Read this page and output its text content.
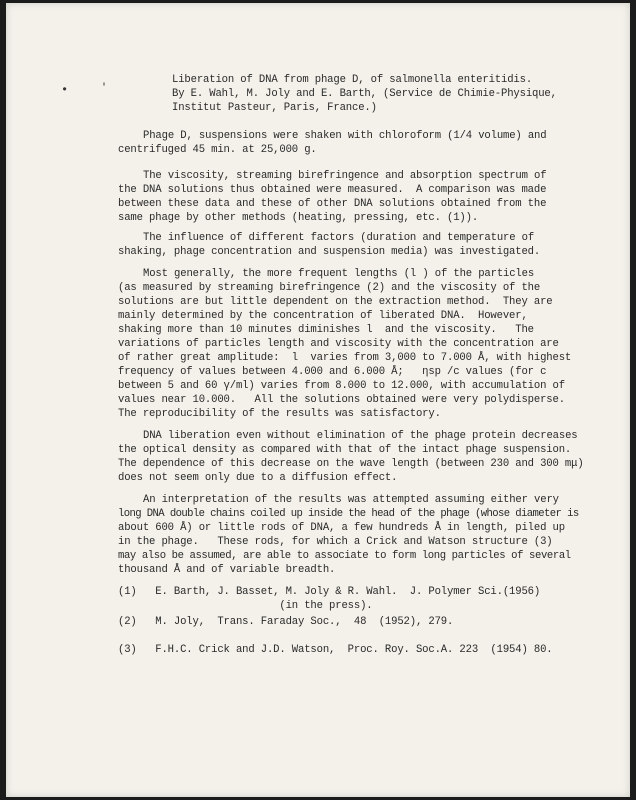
•	'
Liberation of DNA from phage D, of salmonella enteritidis.
By E. Wahl, M. Joly and E. Barth, (Service de Chimie-Physique,
Institut Pasteur, Paris, France.)
Phage D, suspensions were shaken with chloroform (1/4 volume) and
centrifuged 45 min. at 25,000 g.
The viscosity, streaming birefringence and absorption spectrum of
the DNA solutions thus obtained were measured.  A comparison was made
between these data and these of other DNA solutions obtained from the
same phage by other methods (heating, pressing, etc. (1)).
The influence of different factors (duration and temperature of
shaking, phage concentration and suspension media) was investigated.
Most generally, the more frequent lengths (l ) of the particles
(as measured by streaming birefringence (2) and the viscosity of the
solutions are but little dependent on the extraction method.  They are
mainly determined by the concentration of liberated DNA.  However,
shaking more than 10 minutes diminishes l  and the viscosity.   The
variations of particles length and viscosity with the concentration are
of rather great amplitude:  l  varies from 3,000 to 7.000 Å, with highest
frequency of values between 4.000 and 6.000 Å;   ηsp /c values (for c
between 5 and 60 γ/ml) varies from 8.000 to 12.000, with accumulation of
values near 10.000.   All the solutions obtained were very polydisperse.
The reproducibility of the results was satisfactory.
DNA liberation even without elimination of the phage protein decreases
the optical density as compared with that of the intact phage suspension.
The dependence of this decrease on the wave length (between 230 and 300 mμ)
does not seem only due to a diffusion effect.
An interpretation of the results was attempted assuming either very
long DNA double chains coiled up inside the head of the phage (whose diameter is
about 600 Å) or little rods of DNA, a few hundreds Å in length, piled up
in the phage.   These rods, for which a Crick and Watson structure (3)
may also be assumed, are able to associate to form long particles of several
thousand Å and of variable breadth.
(1)   E. Barth, J. Basset, M. Joly & R. Wahl.  J. Polymer Sci.(1956)
(in the press).
(2)   M. Joly,  Trans. Faraday Soc.,  48  (1952), 279.
(3)   F.H.C. Crick and J.D. Watson,  Proc. Roy. Soc.A. 223  (1954) 80.
